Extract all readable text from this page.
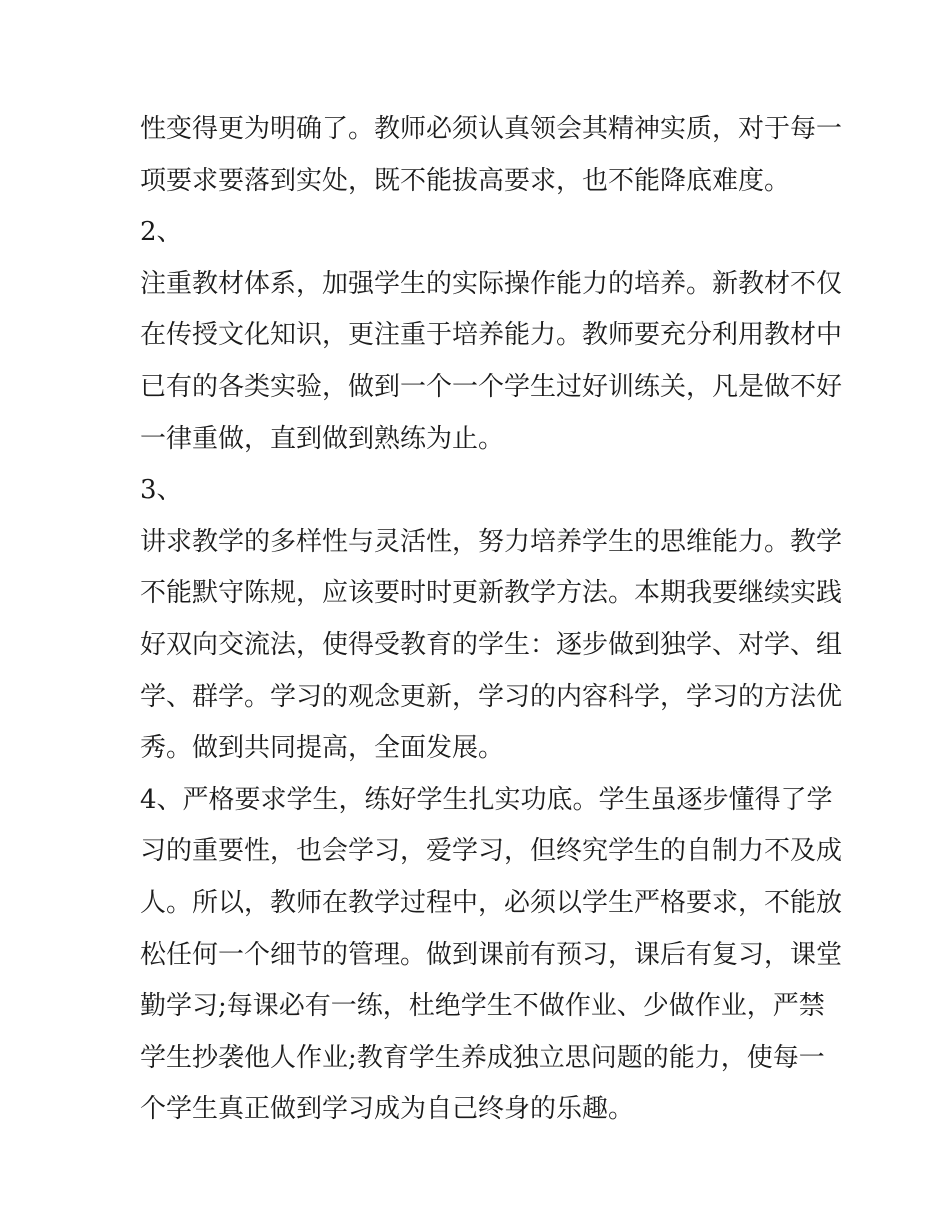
性变得更为明确了。教师必须认真领会其精神实质，对于每一
项要求要落到实处，既不能拔高要求，也不能降底难度。
2、
注重教材体系，加强学生的实际操作能力的培养。新教材不仅
在传授文化知识，更注重于培养能力。教师要充分利用教材中
已有的各类实验，做到一个一个学生过好训练关，凡是做不好
一律重做，直到做到熟练为止。
3、
讲求教学的多样性与灵活性，努力培养学生的思维能力。教学
不能默守陈规，应该要时时更新教学方法。本期我要继续实践
好双向交流法，使得受教育的学生：逐步做到独学、对学、组
学、群学。学习的观念更新，学习的内容科学，学习的方法优
秀。做到共同提高，全面发展。
4、严格要求学生，练好学生扎实功底。学生虽逐步懂得了学
习的重要性，也会学习，爱学习，但终究学生的自制力不及成
人。所以，教师在教学过程中，必须以学生严格要求，不能放
松任何一个细节的管理。做到课前有预习，课后有复习，课堂
勤学习;每课必有一练，杜绝学生不做作业、少做作业，严禁
学生抄袭他人作业;教育学生养成独立思问题的能力，使每一
个学生真正做到学习成为自己终身的乐趣。
